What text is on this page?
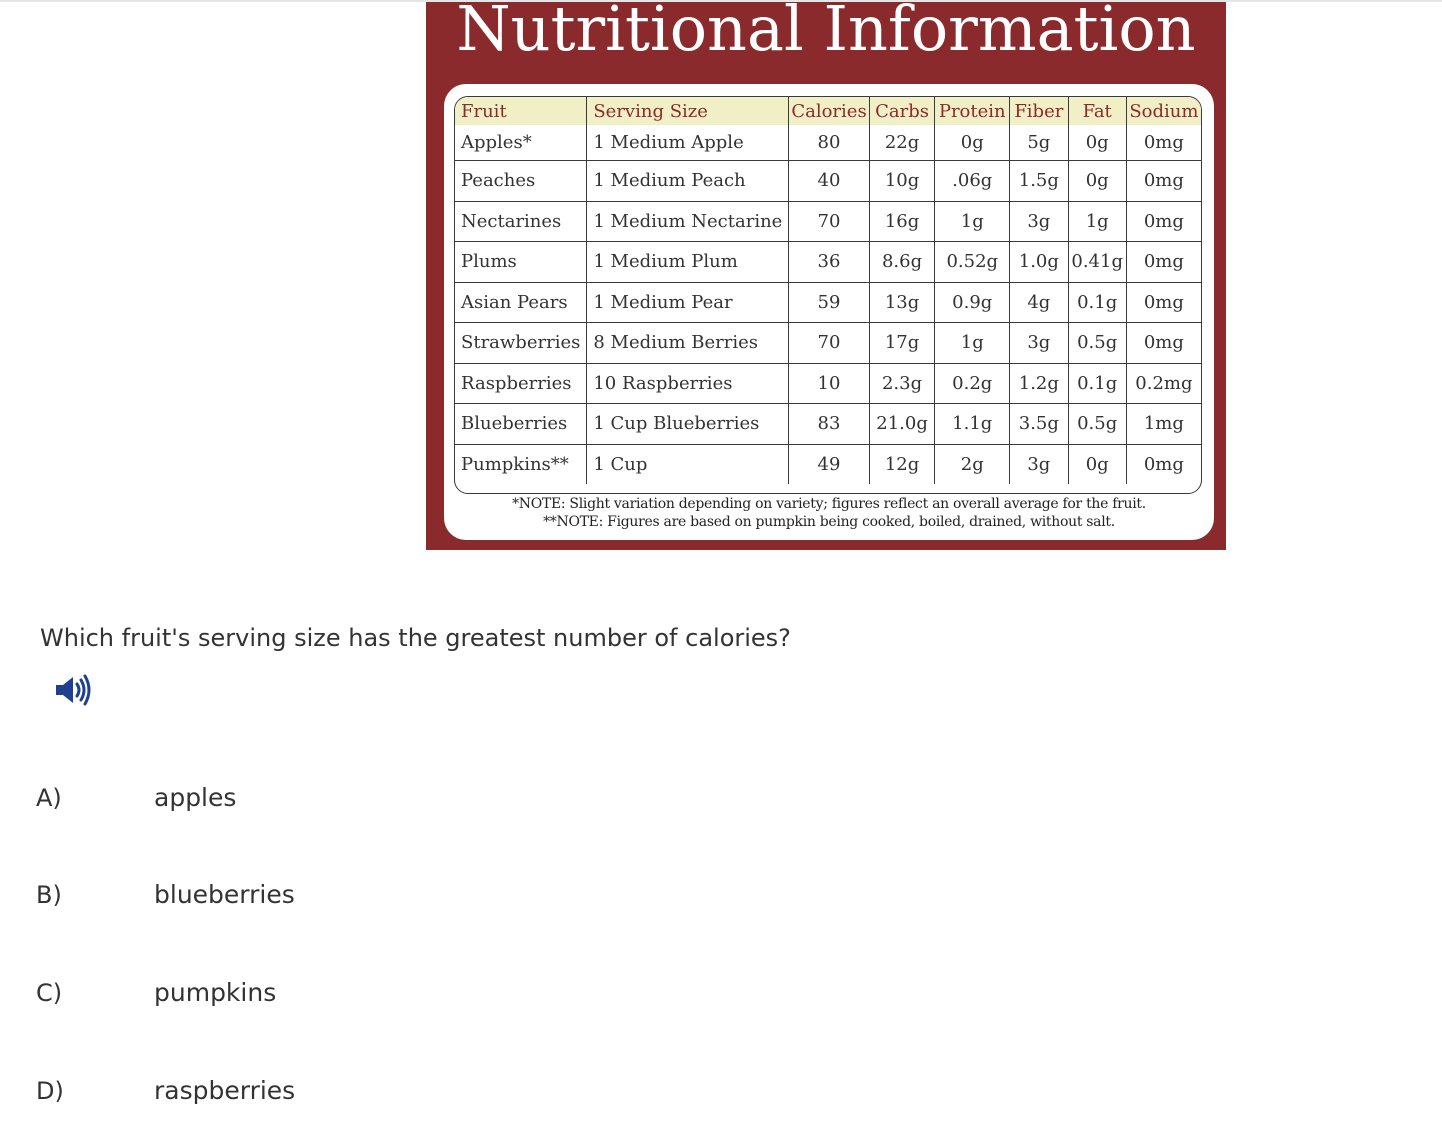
Nutritional Information
Fruit	Serving Size	Calories	Carbs	Protein	Fiber	Fat	Sodium
Apples*	1 Medium Apple	80	22g	0g	5g	0g	0mg
Peaches	1 Medium Peach	40	10g	.06g	1.5g	0g	0mg
Nectarines	1 Medium Nectarine	70	16g	1g	3g	1g	0mg
Plums	1 Medium Plum	36	8.6g	0.52g	1.0g	0.41g	0mg
Asian Pears	1 Medium Pear	59	13g	0.9g	4g	0.1g	0mg
Strawberries	8 Medium Berries	70	17g	1g	3g	0.5g	0mg
Raspberries	10 Raspberries	10	2.3g	0.2g	1.2g	0.1g	0.2mg
Blueberries	1 Cup Blueberries	83	21.0g	1.1g	3.5g	0.5g	1mg
Pumpkins**	1 Cup	49	12g	2g	3g	0g	0mg
*NOTE: Slight variation depending on variety; figures reflect an overall average for the fruit.
**NOTE: Figures are based on pumpkin being cooked, boiled, drained, without salt.
Which fruit's serving size has the greatest number of calories?
A)	apples
B)	blueberries
C)	pumpkins
D)	raspberries
